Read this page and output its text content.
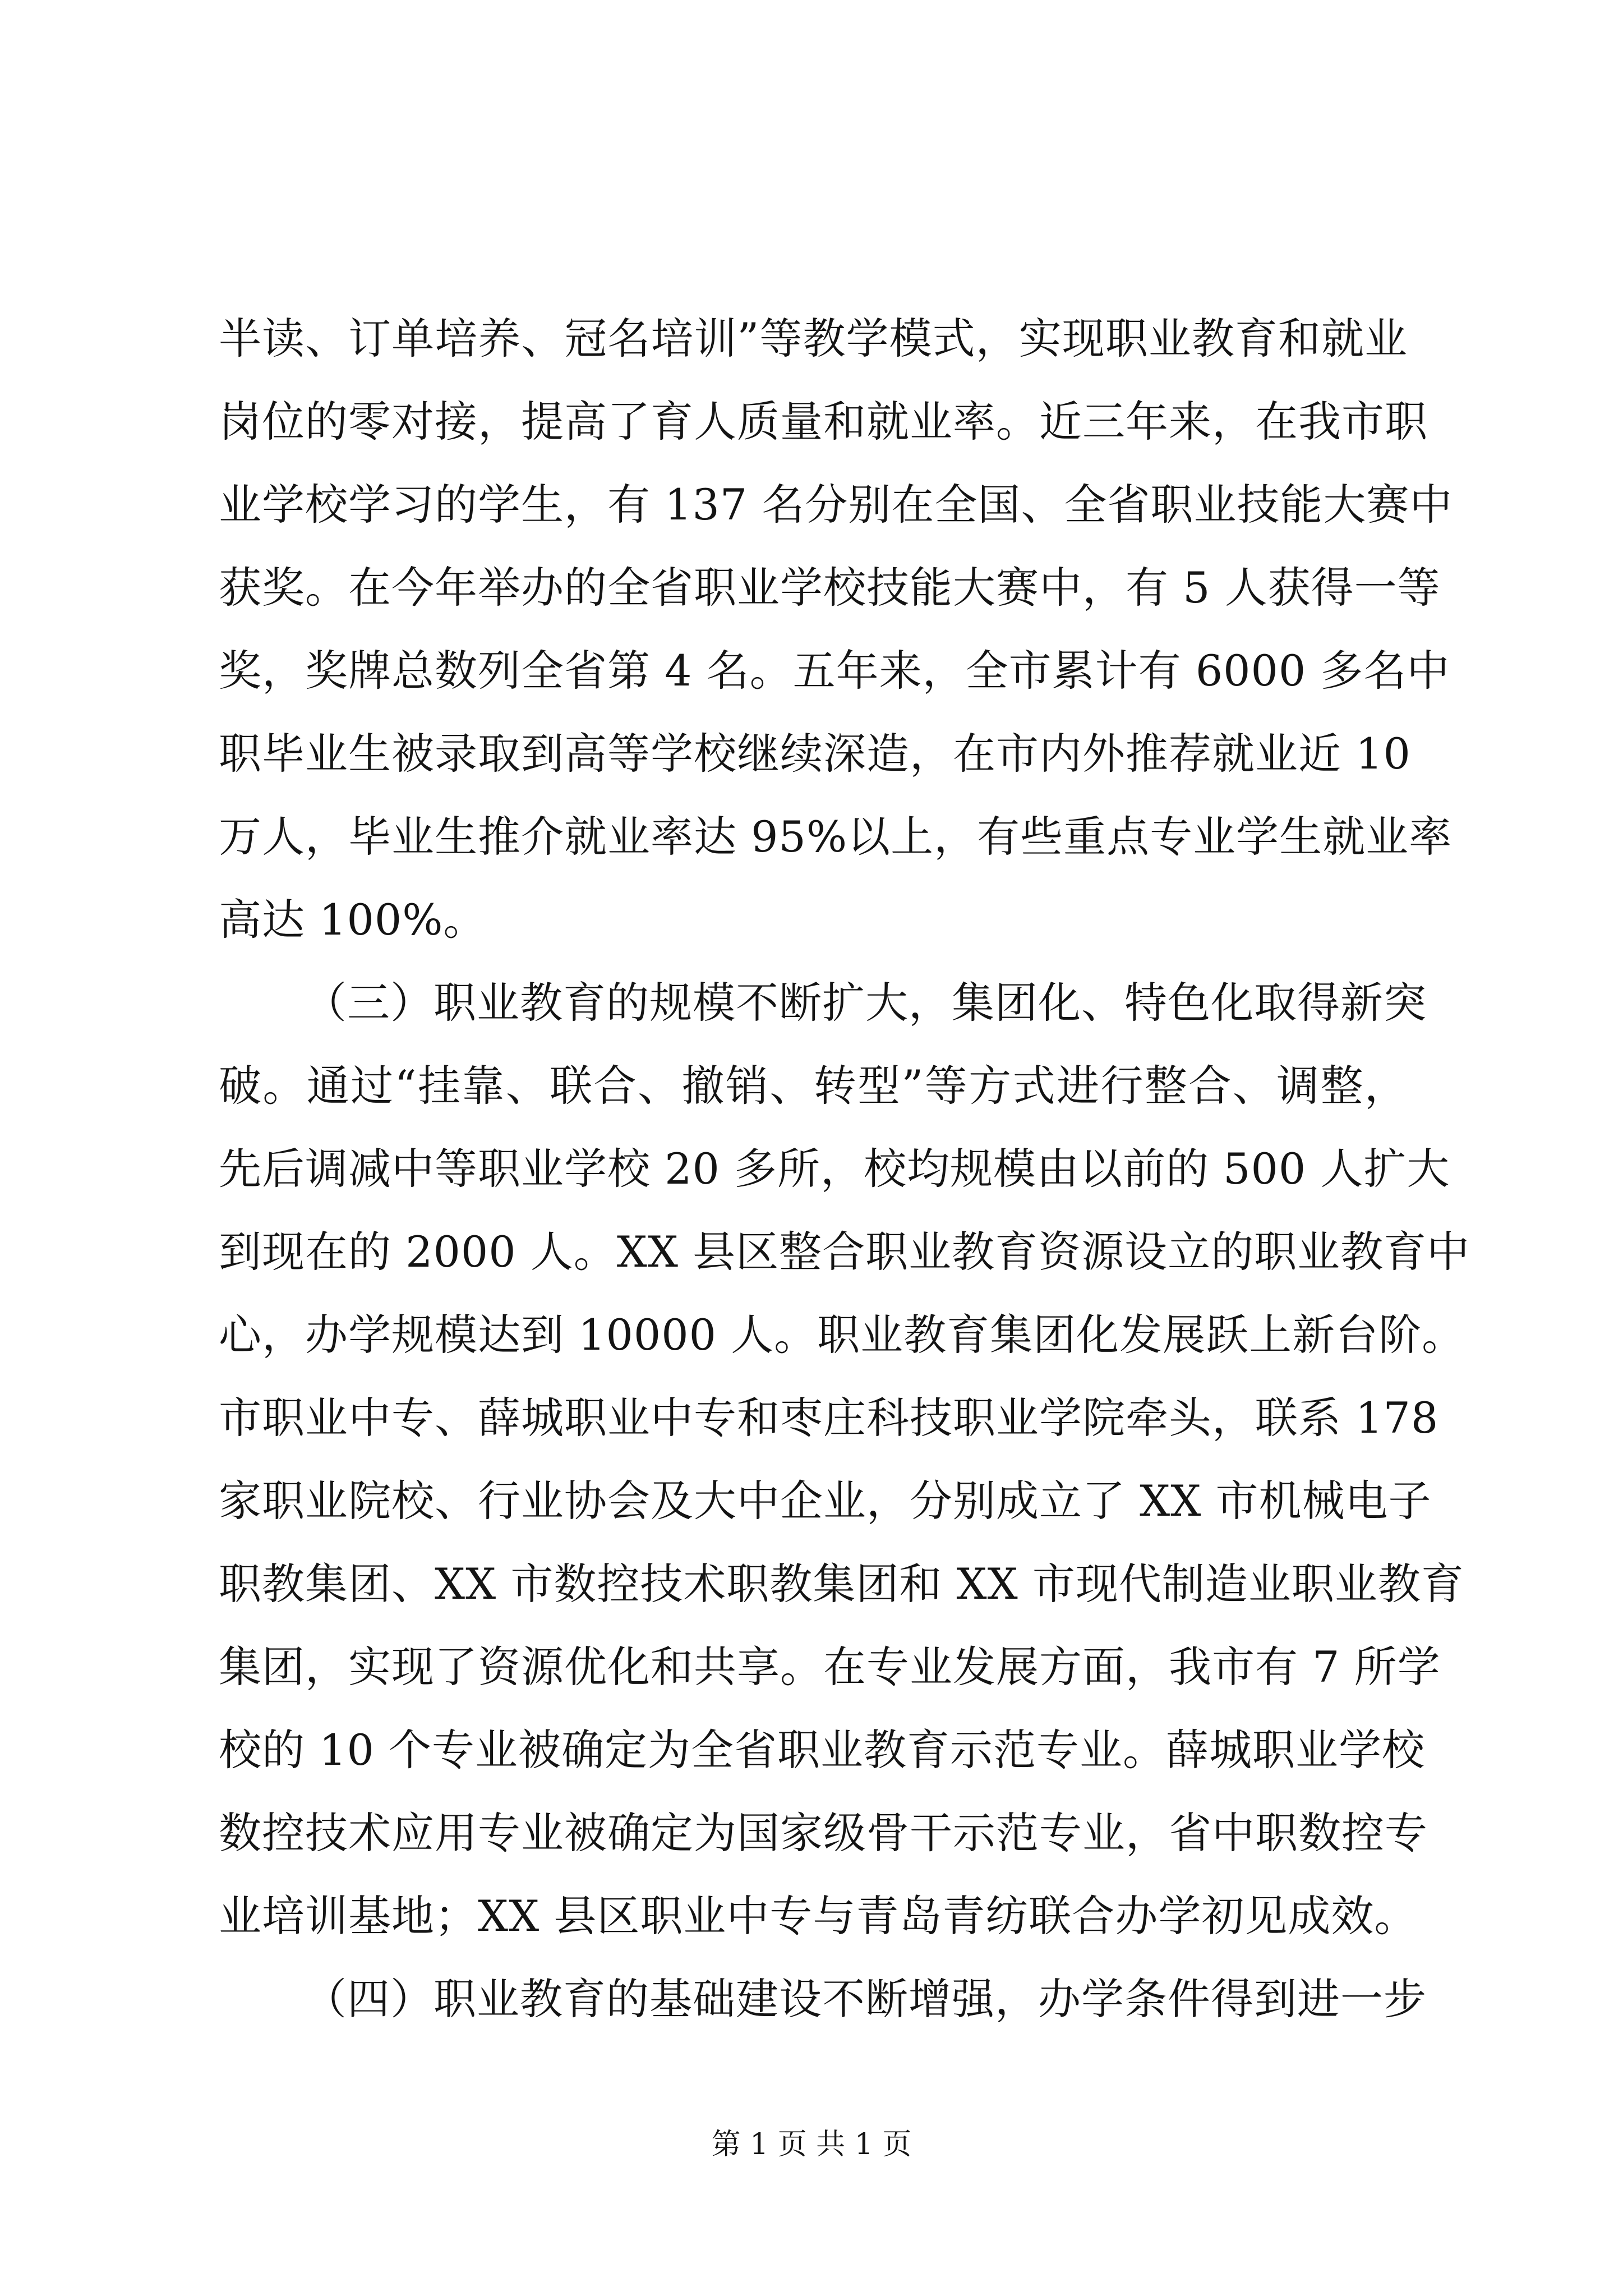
半读、订单培养、冠名培训”等教学模式，实现职业教育和就业
岗位的零对接，提高了育人质量和就业率。近三年来，在我市职
业学校学习的学生，有 137 名分别在全国、全省职业技能大赛中
获奖。在今年举办的全省职业学校技能大赛中，有 5 人获得一等
奖，奖牌总数列全省第 4 名。五年来，全市累计有 6000 多名中
职毕业生被录取到高等学校继续深造，在市内外推荐就业近 10
万人，毕业生推介就业率达 95%以上，有些重点专业学生就业率
高达 100%。
（三）职业教育的规模不断扩大，集团化、特色化取得新突
破。通过“挂靠、联合、撤销、转型”等方式进行整合、调整，
先后调减中等职业学校 20 多所，校均规模由以前的 500 人扩大
到现在的 2000 人。XX 县区整合职业教育资源设立的职业教育中
心，办学规模达到 10000 人。职业教育集团化发展跃上新台阶。
市职业中专、薛城职业中专和枣庄科技职业学院牵头，联系 178
家职业院校、行业协会及大中企业，分别成立了 XX 市机械电子
职教集团、XX 市数控技术职教集团和 XX 市现代制造业职业教育
集团，实现了资源优化和共享。在专业发展方面，我市有 7 所学
校的 10 个专业被确定为全省职业教育示范专业。薛城职业学校
数控技术应用专业被确定为国家级骨干示范专业，省中职数控专
业培训基地；XX 县区职业中专与青岛青纺联合办学初见成效。
（四）职业教育的基础建设不断增强，办学条件得到进一步
第 1 页 共 1 页
